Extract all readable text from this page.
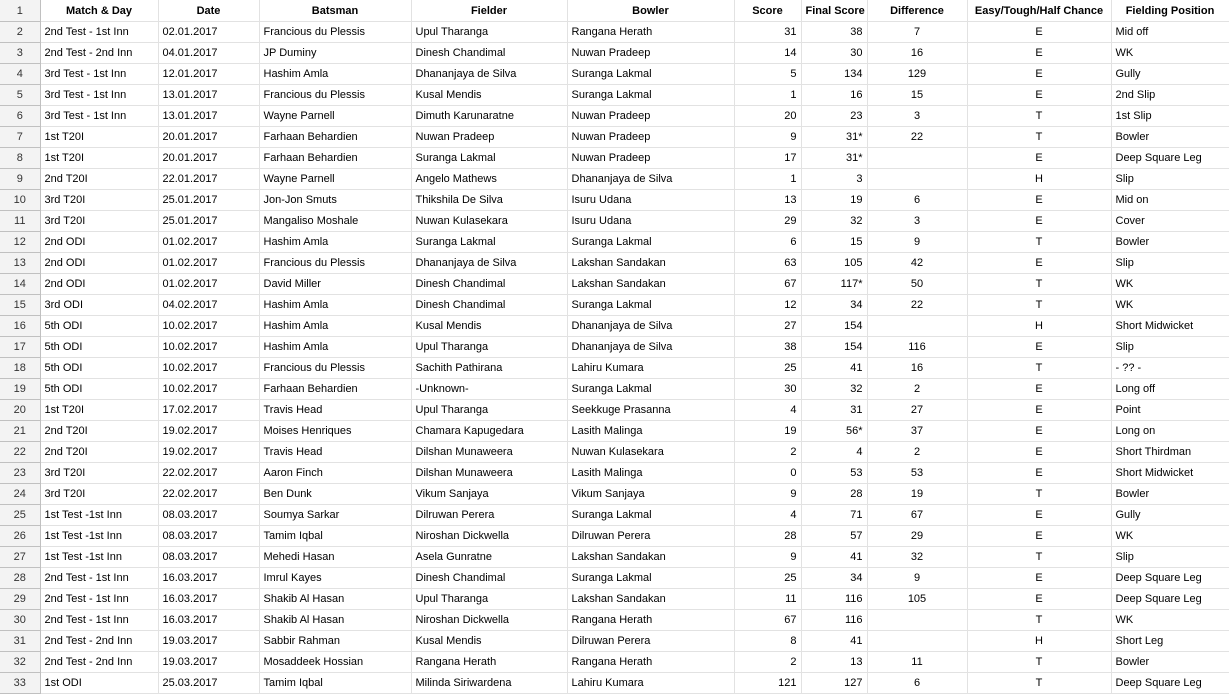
1	Match & Day	Date	Batsman	Fielder	Bowler	Score	Final Score	Difference	Easy/Tough/Half Chance	Fielding Position
2	2nd Test - 1st Inn	02.01.2017	Francious du Plessis	Upul Tharanga	Rangana Herath	31	38	7	E	Mid off
3	2nd Test - 2nd Inn	04.01.2017	JP Duminy	Dinesh Chandimal	Nuwan Pradeep	14	30	16	E	WK
4	3rd Test - 1st Inn	12.01.2017	Hashim Amla	Dhananjaya de Silva	Suranga Lakmal	5	134	129	E	Gully
5	3rd Test - 1st Inn	13.01.2017	Francious du Plessis	Kusal Mendis	Suranga Lakmal	1	16	15	E	2nd Slip
6	3rd Test - 1st Inn	13.01.2017	Wayne Parnell	Dimuth Karunaratne	Nuwan Pradeep	20	23	3	T	1st Slip
7	1st T20I	20.01.2017	Farhaan Behardien	Nuwan Pradeep	Nuwan Pradeep	9	31*	22	T	Bowler
8	1st T20I	20.01.2017	Farhaan Behardien	Suranga Lakmal	Nuwan Pradeep	17	31*		E	Deep Square Leg
9	2nd T20I	22.01.2017	Wayne Parnell	Angelo Mathews	Dhananjaya de Silva	1	3		H	Slip
10	3rd T20I	25.01.2017	Jon-Jon Smuts	Thikshila De Silva	Isuru Udana	13	19	6	E	Mid on
11	3rd T20I	25.01.2017	Mangaliso Moshale	Nuwan Kulasekara	Isuru Udana	29	32	3	E	Cover
12	2nd ODI	01.02.2017	Hashim Amla	Suranga Lakmal	Suranga Lakmal	6	15	9	T	Bowler
13	2nd ODI	01.02.2017	Francious du Plessis	Dhananjaya de Silva	Lakshan Sandakan	63	105	42	E	Slip
14	2nd ODI	01.02.2017	David Miller	Dinesh Chandimal	Lakshan Sandakan	67	117*	50	T	WK
15	3rd ODI	04.02.2017	Hashim Amla	Dinesh Chandimal	Suranga Lakmal	12	34	22	T	WK
16	5th ODI	10.02.2017	Hashim Amla	Kusal Mendis	Dhananjaya de Silva	27	154		H	Short Midwicket
17	5th ODI	10.02.2017	Hashim Amla	Upul Tharanga	Dhananjaya de Silva	38	154	116	E	Slip
18	5th ODI	10.02.2017	Francious du Plessis	Sachith Pathirana	Lahiru Kumara	25	41	16	T	- ?? -
19	5th ODI	10.02.2017	Farhaan Behardien	-Unknown-	Suranga Lakmal	30	32	2	E	Long off
20	1st T20I	17.02.2017	Travis Head	Upul Tharanga	Seekkuge Prasanna	4	31	27	E	Point
21	2nd T20I	19.02.2017	Moises Henriques	Chamara Kapugedara	Lasith Malinga	19	56*	37	E	Long on
22	2nd T20I	19.02.2017	Travis Head	Dilshan Munaweera	Nuwan Kulasekara	2	4	2	E	Short Thirdman
23	3rd T20I	22.02.2017	Aaron Finch	Dilshan Munaweera	Lasith Malinga	0	53	53	E	Short Midwicket
24	3rd T20I	22.02.2017	Ben Dunk	Vikum Sanjaya	Vikum Sanjaya	9	28	19	T	Bowler
25	1st Test -1st Inn	08.03.2017	Soumya Sarkar	Dilruwan Perera	Suranga Lakmal	4	71	67	E	Gully
26	1st Test -1st Inn	08.03.2017	Tamim Iqbal	Niroshan Dickwella	Dilruwan Perera	28	57	29	E	WK
27	1st Test -1st Inn	08.03.2017	Mehedi Hasan	Asela Gunratne	Lakshan Sandakan	9	41	32	T	Slip
28	2nd Test - 1st Inn	16.03.2017	Imrul Kayes	Dinesh Chandimal	Suranga Lakmal	25	34	9	E	Deep Square Leg
29	2nd Test - 1st Inn	16.03.2017	Shakib Al Hasan	Upul Tharanga	Lakshan Sandakan	11	116	105	E	Deep Square Leg
30	2nd Test - 1st Inn	16.03.2017	Shakib Al Hasan	Niroshan Dickwella	Rangana Herath	67	116		T	WK
31	2nd Test - 2nd Inn	19.03.2017	Sabbir Rahman	Kusal Mendis	Dilruwan Perera	8	41		H	Short Leg
32	2nd Test - 2nd Inn	19.03.2017	Mosaddeek Hossian	Rangana Herath	Rangana Herath	2	13	11	T	Bowler
33	1st ODI	25.03.2017	Tamim Iqbal	Milinda Siriwardena	Lahiru Kumara	121	127	6	T	Deep Square Leg
